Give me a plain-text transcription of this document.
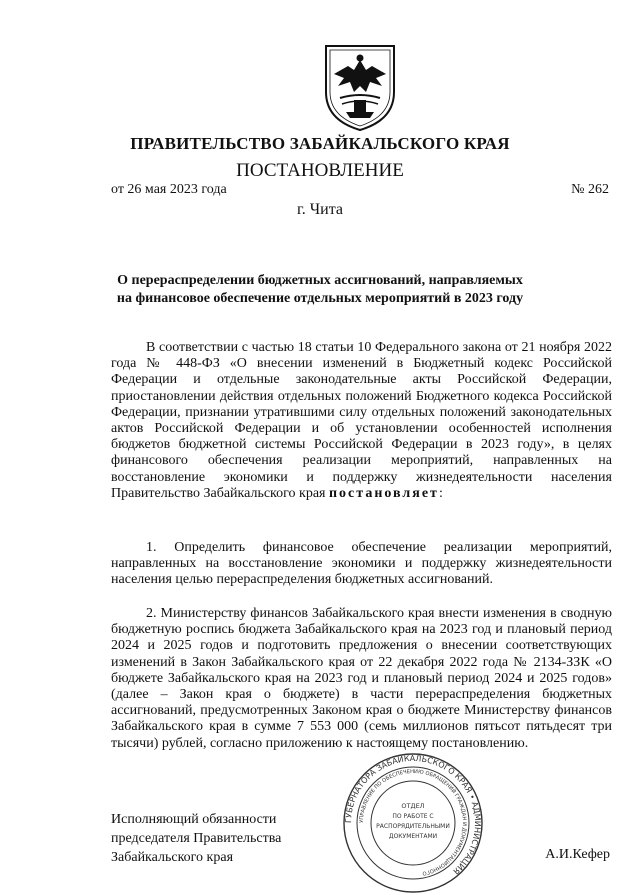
ПРАВИТЕЛЬСТВО ЗАБАЙКАЛЬСКОГО КРАЯ
ПОСТАНОВЛЕНИЕ
от 26 мая 2023 года	№ 262
г. Чита
О перераспределении бюджетных ассигнований, направляемых на финансовое обеспечение отдельных мероприятий в 2023 году
В соответствии с частью 18 статьи 10 Федерального закона от 21 ноября 2022 года № 448-ФЗ «О внесении изменений в Бюджетный кодекс Российской Федерации и отдельные законодательные акты Российской Федерации, приостановлении действия отдельных положений Бюджетного кодекса Российской Федерации, признании утратившими силу отдельных положений законодательных актов Российской Федерации и об установлении особенностей исполнения бюджетов бюджетной системы Российской Федерации в 2023 году», в целях финансового обеспечения реализации мероприятий, направленных на восстановление экономики и поддержку жизнедеятельности населения Правительство Забайкальского края постановляет:
1. Определить финансовое обеспечение реализации мероприятий, направленных на восстановление экономики и поддержку жизнедеятельности населения целью перераспределения бюджетных ассигнований.
2. Министерству финансов Забайкальского края внести изменения в сводную бюджетную роспись бюджета Забайкальского края на 2023 год и плановый период 2024 и 2025 годов и подготовить предложения о внесении соответствующих изменений в Закон Забайкальского края от 22 декабря 2022 года № 2134-ЗЗК «О бюджете Забайкальского края на 2023 год и плановый период 2024 и 2025 годов» (далее – Закон края о бюджете) в части перераспределения бюджетных ассигнований, предусмотренных Законом края о бюджете Министерству финансов Забайкальского края в сумме 7 553 000 (семь миллионов пятьсот пятьдесят три тысячи) рублей, согласно приложению к настоящему постановлению.
Исполняющий обязанности
председателя Правительства
Забайкальского края	А.И.Кефер
ГУБЕРНАТОРА ЗАБАЙКАЛЬСКОГО КРАЯ • АДМИНИСТРАЦИЯ
УПРАВЛЕНИЕ ПО ОБЕСПЕЧЕНИЮ ОБРАЩЕНИЙ ГРАЖДАН И ДОКУМЕНТАЦИОННОГО
ОТДЕЛ
ПО РАБОТЕ С
РАСПОРЯДИТЕЛЬНЫМИ
ДОКУМЕНТАМИ
